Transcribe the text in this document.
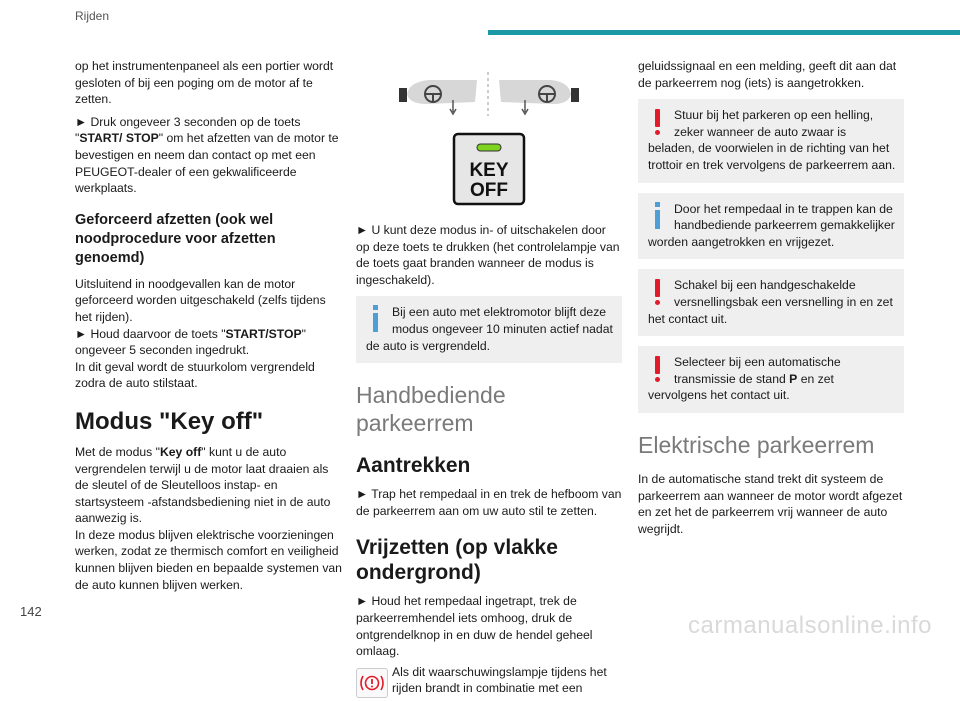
Rijden

op het instrumentenpaneel als een portier wordt gesloten of bij een poging om de motor af te zetten.

► Druk ongeveer 3 seconden op de toets "START/ STOP" om het afzetten van de motor te bevestigen en neem dan contact op met een PEUGEOT-dealer of een gekwalificeerde werkplaats.

Geforceerd afzetten (ook wel noodprocedure voor afzetten genoemd)

Uitsluitend in noodgevallen kan de motor geforceerd worden uitgeschakeld (zelfs tijdens het rijden).

► Houd daarvoor de toets "START/STOP" ongeveer 5 seconden ingedrukt.

In dit geval wordt de stuurkolom vergrendeld zodra de auto stilstaat.

Modus "Key off"

Met de modus "Key off" kunt u de auto vergrendelen terwijl u de motor laat draaien als de sleutel of de Sleutelloos instap- en startsysteem -afstandsbediening niet in de auto aanwezig is.

In deze modus blijven elektrische voorzieningen werken, zodat ze thermisch comfort en veiligheid kunnen blijven bieden en bepaalde systemen van de auto kunnen blijven werken.

KEY
OFF

► U kunt deze modus in- of uitschakelen door op deze toets te drukken (het controlelampje van de toets gaat branden wanneer de modus is ingeschakeld).

Bij een auto met elektromotor blijft deze modus ongeveer 10 minuten actief nadat de auto is vergrendeld.
Handbediende parkeerrem
Aantrekken

► Trap het rempedaal in en trek de hefboom van de parkeerrem aan om uw auto stil te zetten.

Vrijzetten (op vlakke ondergrond)

► Houd het rempedaal ingetrapt, trek de parkeerremhendel iets omhoog, druk de ontgrendelknop in en duw de hendel geheel omlaag.

Als dit waarschuwingslampje tijdens het rijden brandt in combinatie met een

geluidssignaal en een melding, geeft dit aan dat de parkeerrem nog (iets) is aangetrokken.

Stuur bij het parkeren op een helling, zeker wanneer de auto zwaar is beladen, de voorwielen in de richting van het trottoir en trek vervolgens de parkeerrem aan.
Door het rempedaal in te trappen kan de handbediende parkeerrem gemakkelijker worden aangetrokken en vrijgezet.
Schakel bij een handgeschakelde versnellingsbak een versnelling in en zet het contact uit.
Selecteer bij een automatische transmissie de stand P en zet vervolgens het contact uit.
Elektrische parkeerrem

In de automatische stand trekt dit systeem de parkeerrem aan wanneer de motor wordt afgezet en zet het de parkeerrem vrij wanneer de auto wegrijdt.

142
carmanualsonline.info
